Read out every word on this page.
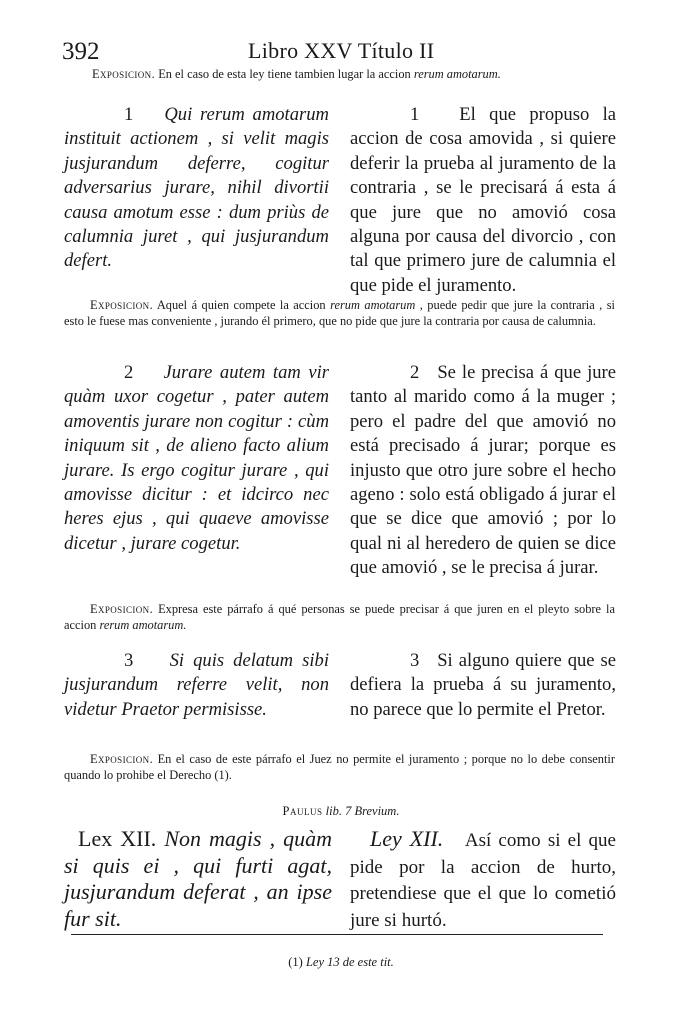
392	Libro XXV Título II
Exposicion. En el caso de esta ley tiene tambien lugar la accion rerum amotarum.

1 Qui rerum amotarum instituit actionem , si velit magis jusjurandum deferre, cogitur adversarius jurare, nihil divortii causa amotum esse : dum priùs de calumnia juret , qui jusjurandum defert.

1 El que propuso la accion de cosa amovida , si quiere deferir la prueba al juramento de la contraria , se le precisará á esta á que jure que no amovió cosa alguna por causa del divorcio , con tal que primero jure de calumnia el que pide el juramento.

Exposicion. Aquel á quien compete la accion rerum amotarum , puede pedir que jure la contraria , si esto le fuese mas conveniente , jurando él primero, que no pide que jure la contraria por causa de calumnia.

2 Jurare autem tam vir quàm uxor cogetur , pater autem amoventis jurare non cogitur : cùm iniquum sit , de alieno facto alium jurare. Is ergo cogitur jurare , qui amovisse dicitur : et idcirco nec heres ejus , qui quaeve amovisse dicetur , jurare cogetur.

2 Se le precisa á que jure tanto al marido como á la muger ; pero el padre del que amovió no está precisado á jurar; porque es injusto que otro jure sobre el hecho ageno : solo está obligado á jurar el que se dice que amovió ; por lo qual ni al heredero de quien se dice que amovió , se le precisa á jurar.

Exposicion. Expresa este párrafo á qué personas se puede precisar á que juren en el pleyto sobre la accion rerum amotarum.

3 Si quis delatum sibi jusjurandum referre velit, non videtur Praetor permisisse.

3 Si alguno quiere que se defiera la prueba á su juramento, no parece que lo permite el Pretor.

Exposicion. En el caso de este párrafo el Juez no permite el juramento ; porque no lo debe consentir quando lo prohibe el Derecho (1).
Paulus lib. 7 Brevium.

Lex XII. Non magis , quàm si quis ei , qui furti agat, jusjurandum deferat , an ipse fur sit.

Ley XII. Así como si el que pide por la accion de hurto, pretendiese que el que lo cometió jure si hurtó.

(1) Ley 13 de este tit.
